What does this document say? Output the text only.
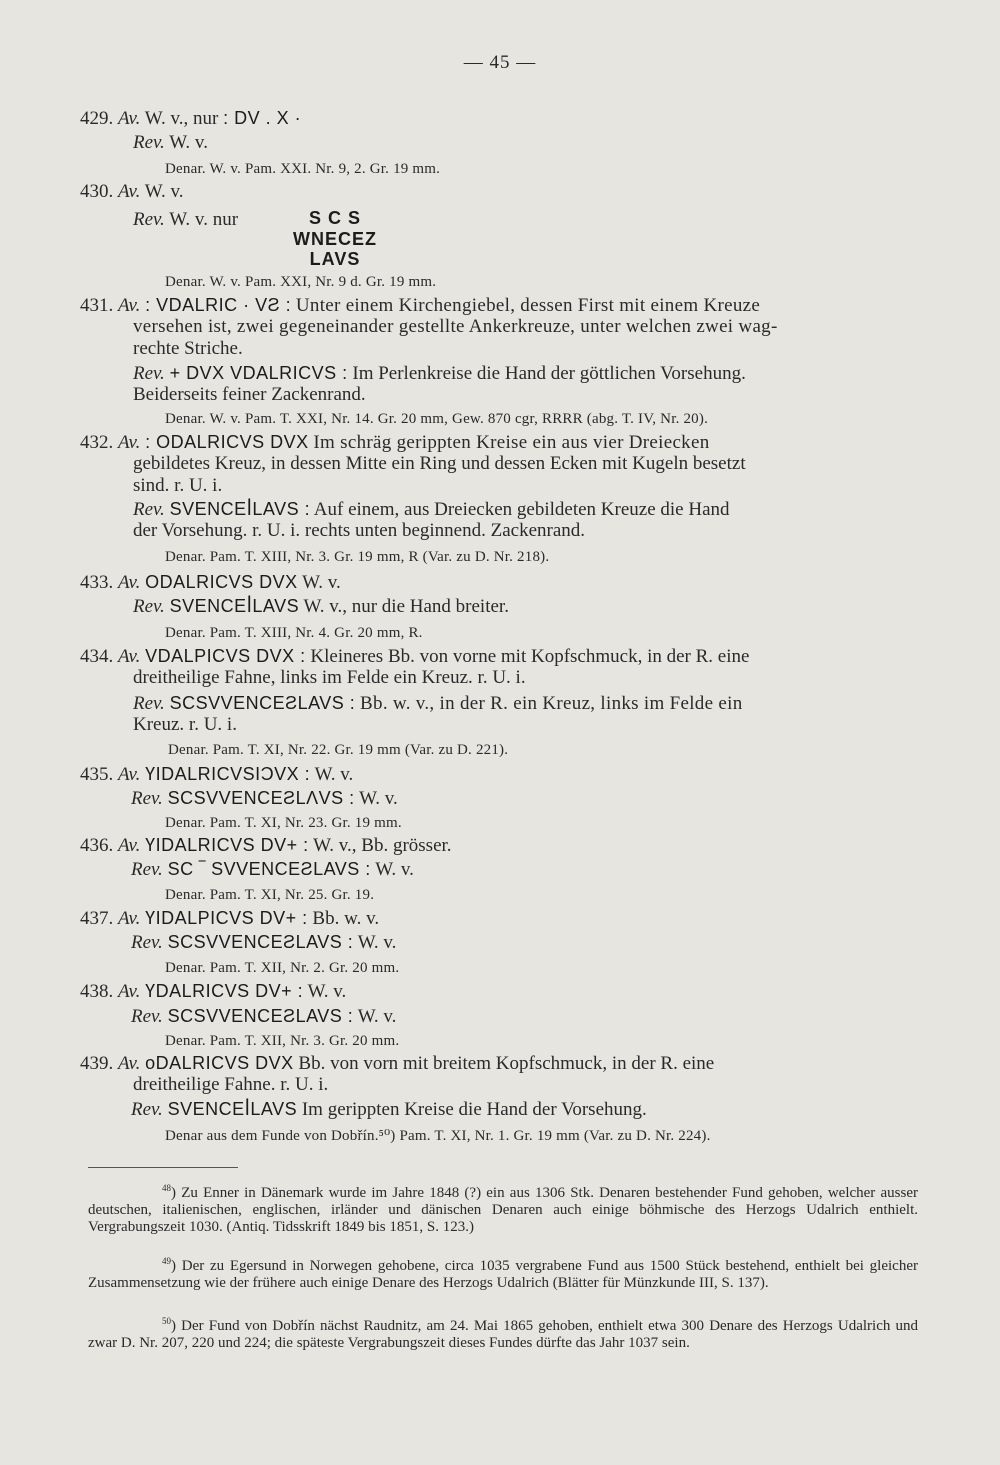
— 45 —
429. Av. W. v., nur : DV . X ·
Rev. W. v.
Denar. W. v. Pam. XXI. Nr. 9, 2. Gr. 19 mm.
430. Av. W. v.
Rev. W. v. nur	S C S
WNECEZ
LAVS
Denar. W. v. Pam. XXI, Nr. 9 d. Gr. 19 mm.
431. Av. : VDALRIC · VƧ : Unter einem Kirchengiebel, dessen First mit einem Kreuze
versehen ist, zwei gegeneinander gestellte Ankerkreuze, unter welchen zwei wag-
rechte Striche.
Rev. + DVX VDALRICVS : Im Perlenkreise die Hand der göttlichen Vorsehung.
Beiderseits feiner Zackenrand.
Denar. W. v. Pam. T. XXI, Nr. 14. Gr. 20 mm, Gew. 870 cgr, RRRR (abg. T. IV, Nr. 20).
432. Av. : ODALRICVS DVX Im schräg gerippten Kreise ein aus vier Dreiecken
gebildetes Kreuz, in dessen Mitte ein Ring und dessen Ecken mit Kugeln besetzt
sind. r. U. i.
Rev. SVENCEꟾLAVS : Auf einem, aus Dreiecken gebildeten Kreuze die Hand
der Vorsehung. r. U. i. rechts unten beginnend. Zackenrand.
Denar. Pam. T. XIII, Nr. 3. Gr. 19 mm, R (Var. zu D. Nr. 218).
433. Av. ODALRICVS DVX W. v.
Rev. SVENCEꟾLAVS W. v., nur die Hand breiter.
Denar. Pam. T. XIII, Nr. 4. Gr. 20 mm, R.
434. Av. VDALPICVS DVX : Kleineres Bb. von vorne mit Kopfschmuck, in der R. eine
dreitheilige Fahne, links im Felde ein Kreuz. r. U. i.
Rev. SCSVVENCEƧLAVS : Bb. w. v., in der R. ein Kreuz, links im Felde ein
Kreuz. r. U. i.
Denar. Pam. T. XI, Nr. 22. Gr. 19 mm (Var. zu D. 221).
435. Av. ҮIDALRICVSIƆVX : W. v.
Rev. SCSVVENCEƧLΛVS : W. v.
Denar. Pam. T. XI, Nr. 23. Gr. 19 mm.
436. Av. ҮIDALRICVS DV+ : W. v., Bb. grösser.
Rev. SC ‾ SVVENCEƧLAVS : W. v.
Denar. Pam. T. XI, Nr. 25. Gr. 19.
437. Av. ҮIDALPICVS DV+ : Bb. w. v.
Rev. SCSVVENCEƧLAVS : W. v.
Denar. Pam. T. XII, Nr. 2. Gr. 20 mm.
438. Av. ҮDALRICVS DV+ : W. v.
Rev. SCSVVENCEƧLAVS : W. v.
Denar. Pam. T. XII, Nr. 3. Gr. 20 mm.
439. Av. oDALRICVS DVX Bb. von vorn mit breitem Kopfschmuck, in der R. eine
dreitheilige Fahne. r. U. i.
Rev. SVENCEꟾLAVS Im gerippten Kreise die Hand der Vorsehung.
Denar aus dem Funde von Dobřín.⁵⁰) Pam. T. XI, Nr. 1. Gr. 19 mm (Var. zu D. Nr. 224).
$^{48}$) Zu Enner in Dänemark wurde im Jahre 1848 (?) ein aus 1306 Stk. Denaren bestehender Fund gehoben, welcher ausser deutschen, italienischen, englischen, irländer und dänischen Denaren auch einige böhmische des Herzogs Udalrich enthielt. Vergrabungszeit 1030. (Antiq. Tidsskrift 1849 bis 1851, S. 123.)
$^{49}$) Der zu Egersund in Norwegen gehobene, circa 1035 vergrabene Fund aus 1500 Stück bestehend, enthielt bei gleicher Zusammensetzung wie der frühere auch einige Denare des Herzogs Udalrich (Blätter für Münzkunde III, S. 137).
$^{50}$) Der Fund von Dobřín nächst Raudnitz, am 24. Mai 1865 gehoben, enthielt etwa 300 Denare des Herzogs Udalrich und zwar D. Nr. 207, 220 und 224; die späteste Vergrabungszeit dieses Fundes dürfte das Jahr 1037 sein.
